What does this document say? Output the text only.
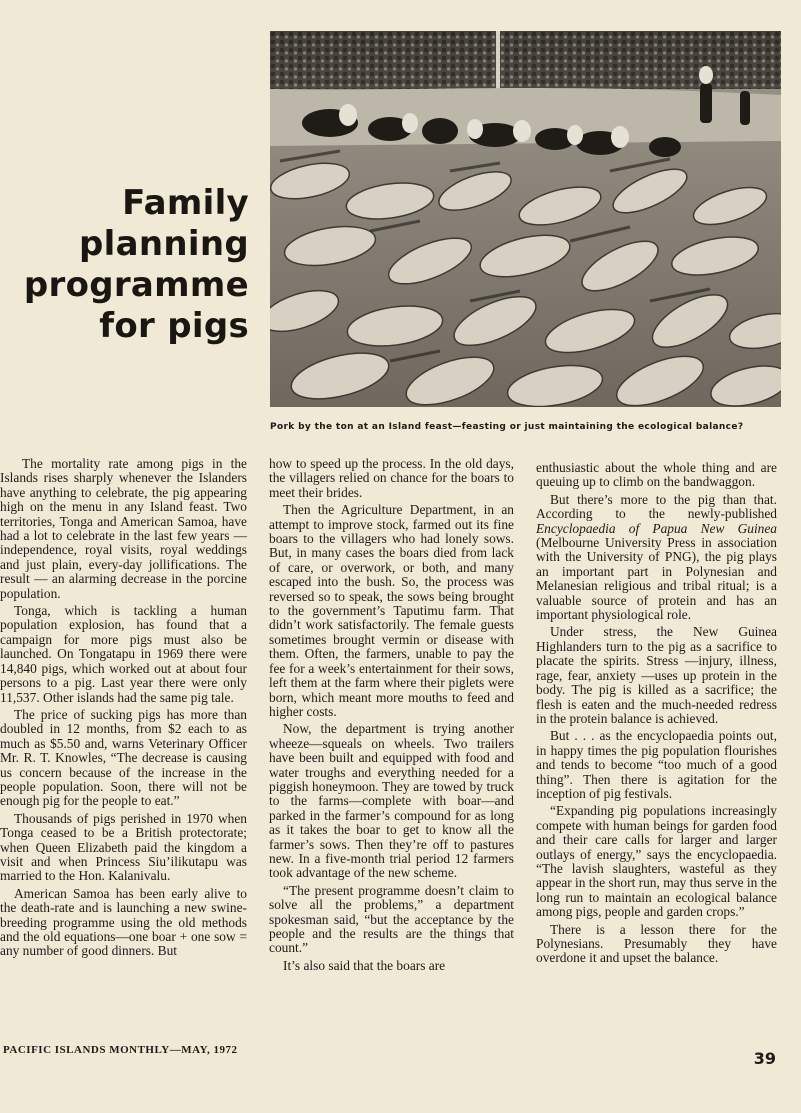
Family
planning
programme
for pigs
Pork by the ton at an Island feast—feasting or just maintaining the ecological balance?

The mortality rate among pigs in the Islands rises sharply whenever the Islanders have anything to celebrate, the pig appearing high on the menu in any Island feast. Two territories, Tonga and American Samoa, have had a lot to celebrate in the last few years — independence, royal visits, royal weddings and just plain, every-day jollifications. The result — an alarming decrease in the porcine population.

Tonga, which is tackling a human population explosion, has found that a campaign for more pigs must also be launched. On Tongatapu in 1969 there were 14,840 pigs, which worked out at about four persons to a pig. Last year there were only 11,537. Other islands had the same pig tale.

The price of sucking pigs has more than doubled in 12 months, from $2 each to as much as $5.50 and, warns Veterinary Officer Mr. R. T. Knowles, “The decrease is causing us concern because of the increase in the people population. Soon, there will not be enough pig for the people to eat.”

Thousands of pigs perished in 1970 when Tonga ceased to be a British protectorate; when Queen Elizabeth paid the kingdom a visit and when Princess Siu’ilikutapu was married to the Hon. Kalanivalu.

American Samoa has been early alive to the death-rate and is launching a new swine-breeding programme using the old methods and the old equations—one boar + one sow = any number of good dinners. But

how to speed up the process. In the old days, the villagers relied on chance for the boars to meet their brides.

Then the Agriculture Department, in an attempt to improve stock, farmed out its fine boars to the villagers who had lonely sows. But, in many cases the boars died from lack of care, or overwork, or both, and many escaped into the bush. So, the process was reversed so to speak, the sows being brought to the government’s Taputimu farm. That didn’t work satisfactorily. The female guests sometimes brought vermin or disease with them. Often, the farmers, unable to pay the fee for a week’s entertainment for their sows, left them at the farm where their piglets were born, which meant more mouths to feed and higher costs.

Now, the department is trying another wheeze—squeals on wheels. Two trailers have been built and equipped with food and water troughs and everything needed for a piggish honeymoon. They are towed by truck to the farms—complete with boar—and parked in the farmer’s compound for as long as it takes the boar to get to know all the farmer’s sows. Then they’re off to pastures new. In a five-month trial period 12 farmers took advantage of the new scheme.

“The present programme doesn’t claim to solve all the problems,” a department spokesman said, “but the acceptance by the people and the results are the things that count.”

It’s also said that the boars are

enthusiastic about the whole thing and are queuing up to climb on the bandwaggon.

But there’s more to the pig than that. According to the newly-published Encyclopaedia of Papua New Guinea (Melbourne University Press in association with the University of PNG), the pig plays an important part in Polynesian and Melanesian religious and tribal ritual; is a valuable source of protein and has an important physiological role.

Under stress, the New Guinea Highlanders turn to the pig as a sacrifice to placate the spirits. Stress —injury, illness, rage, fear, anxiety —uses up protein in the body. The pig is killed as a sacrifice; the flesh is eaten and the much-needed redress in the protein balance is achieved.

But . . . as the encyclopaedia points out, in happy times the pig population flourishes and tends to become “too much of a good thing”. Then there is agitation for the inception of pig festivals.

“Expanding pig populations increasingly compete with human beings for garden food and their care calls for larger and larger outlays of energy,” says the encyclopaedia. “The lavish slaughters, wasteful as they appear in the short run, may thus serve in the long run to maintain an ecological balance among pigs, people and garden crops.”

There is a lesson there for the Polynesians. Presumably they have overdone it and upset the balance.

PACIFIC ISLANDS MONTHLY—MAY, 1972	39
